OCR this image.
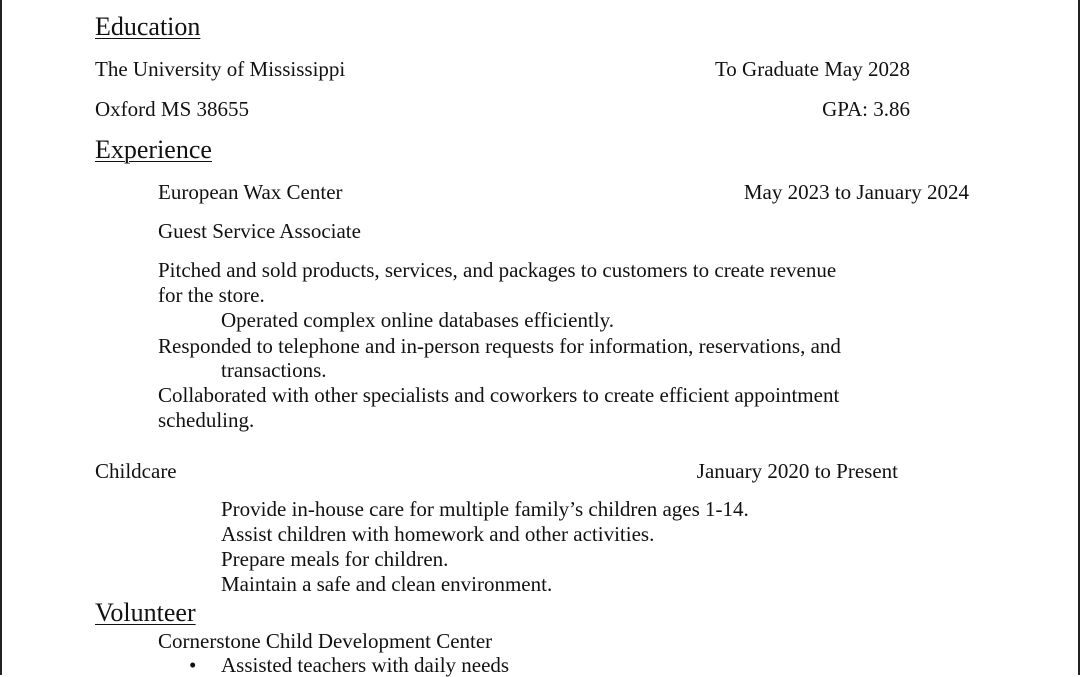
Education
The University of Mississippi	To Graduate May 2028
Oxford MS 38655	GPA: 3.86
Experience
European Wax Center	May 2023 to January 2024
Guest Service Associate
Pitched and sold products, services, and packages to customers to create revenue
for the store.
Operated complex online databases efficiently.
Responded to telephone and in-person requests for information, reservations, and
transactions.
Collaborated with other specialists and coworkers to create efficient appointment
scheduling.
Childcare	January 2020 to Present
Provide in-house care for multiple family’s children ages 1-14.
Assist children with homework and other activities.
Prepare meals for children.
Maintain a safe and clean environment.
Volunteer
Cornerstone Child Development Center
• Assisted teachers with daily needs
